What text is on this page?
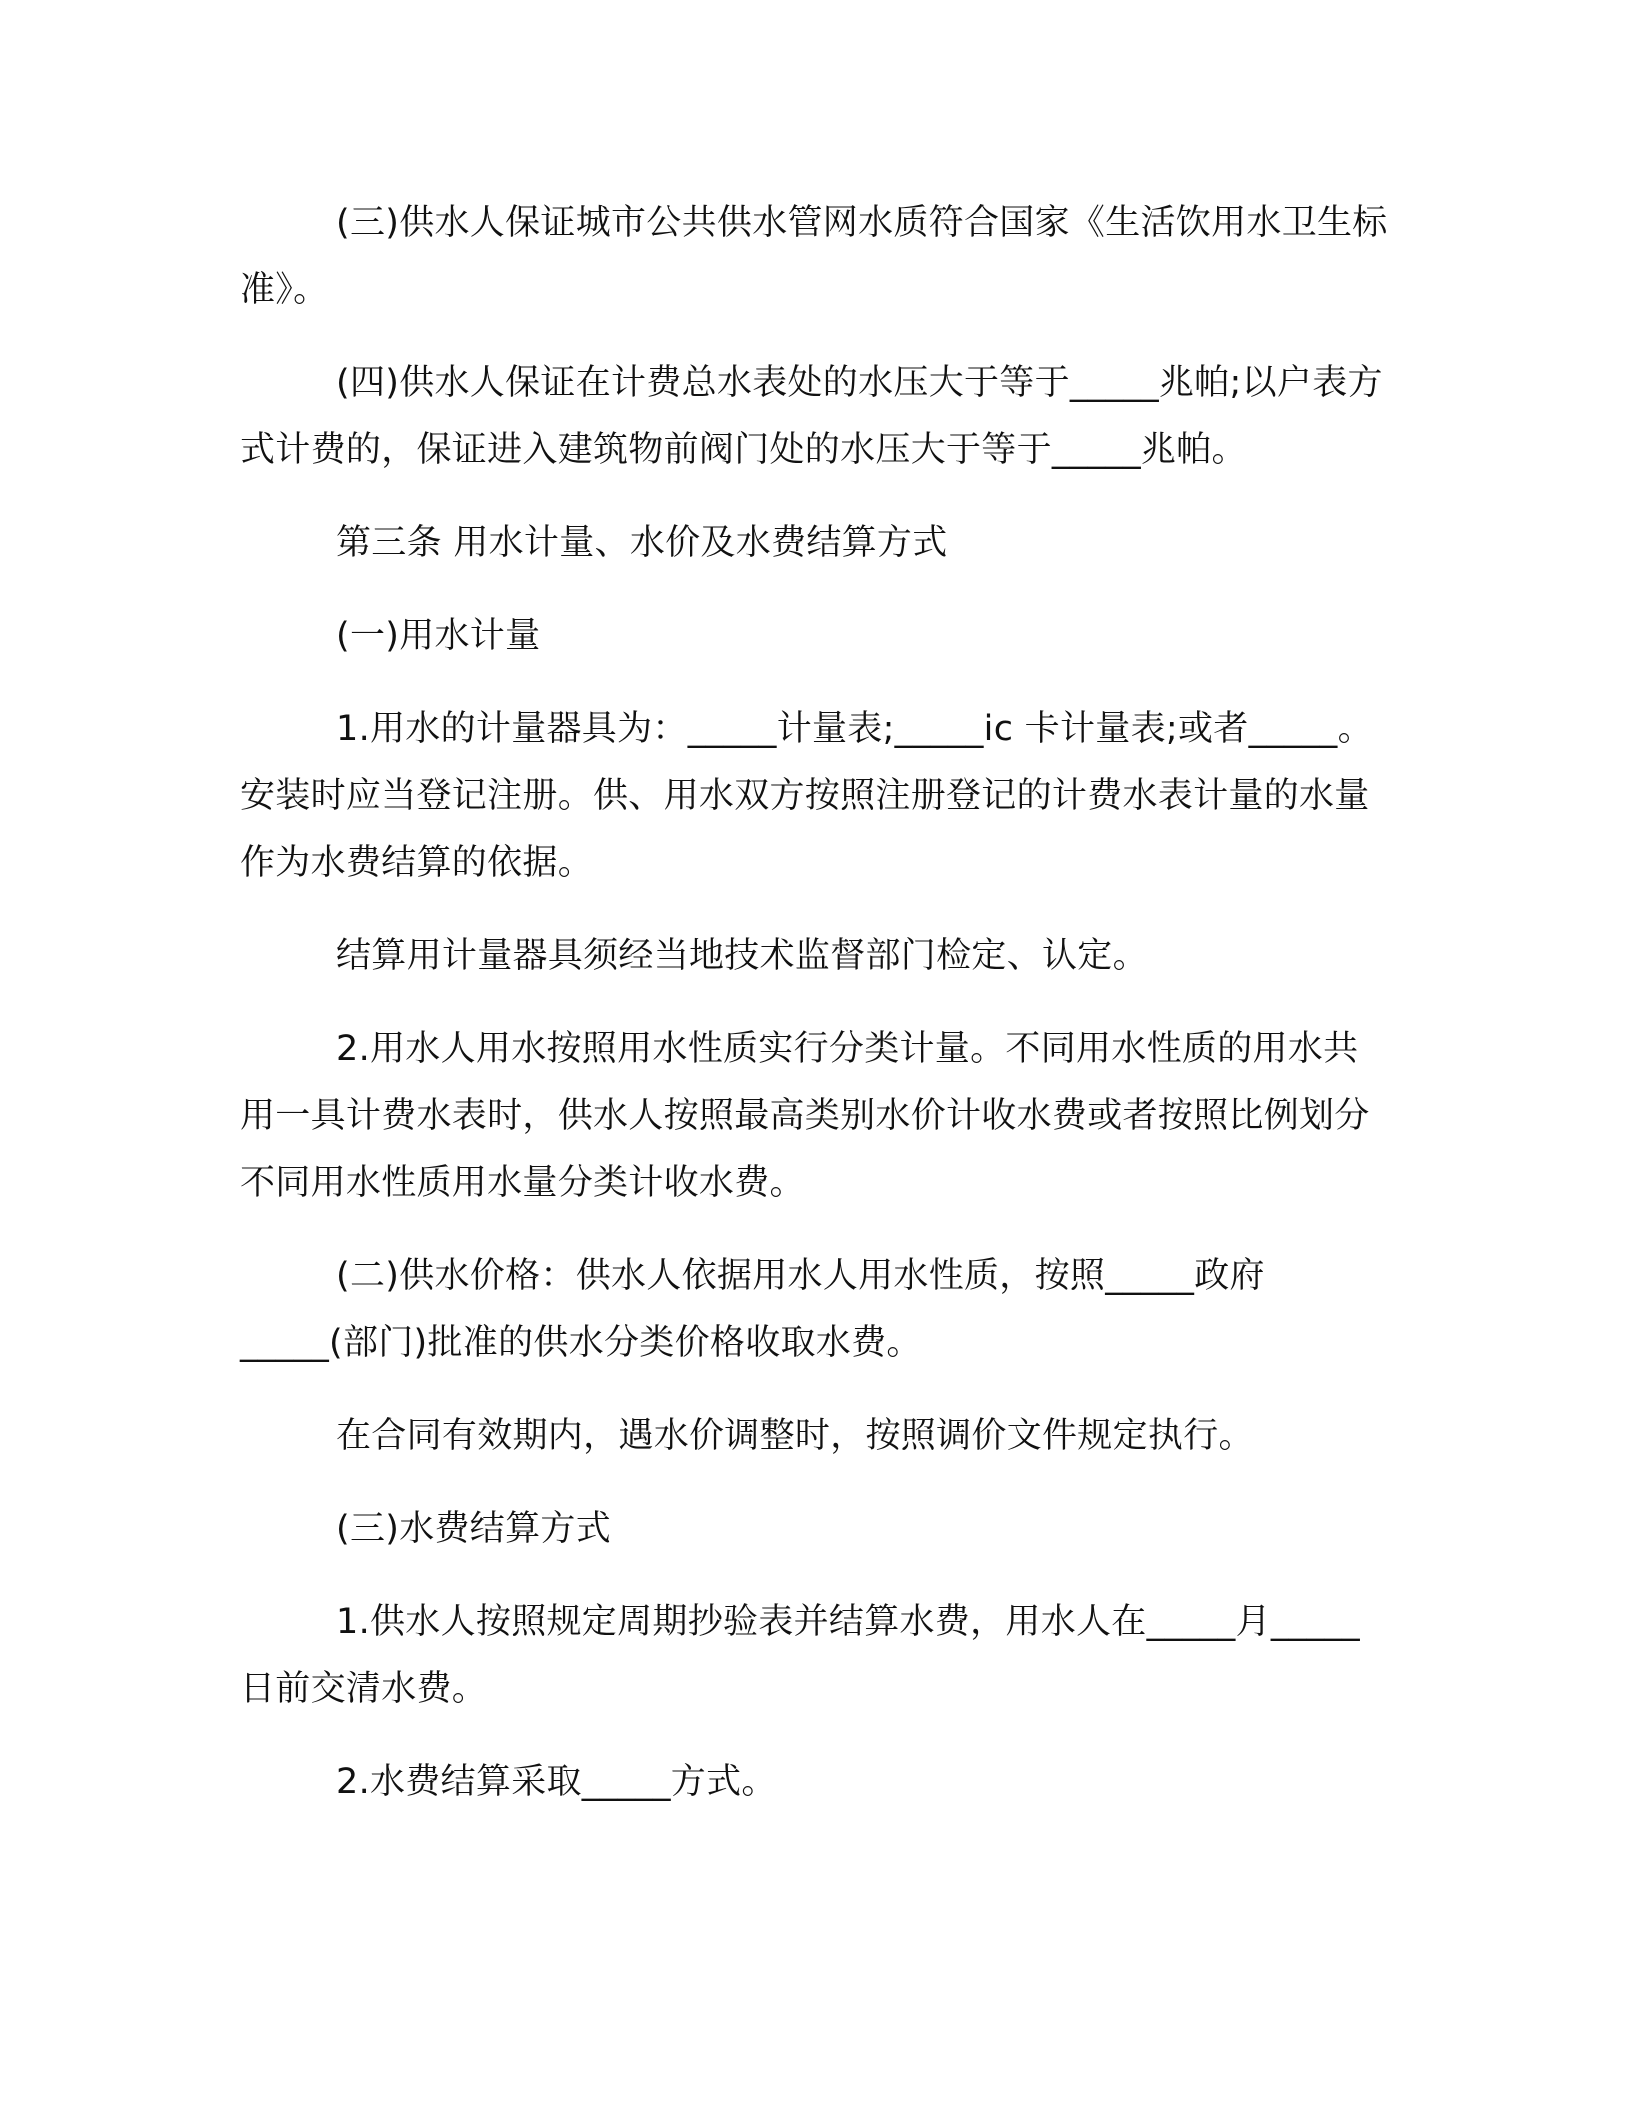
(三)供水人保证城市公共供水管网水质符合国家《生活饮用水卫生标准》。

(四)供水人保证在计费总水表处的水压大于等于_____兆帕;以户表方式计费的，保证进入建筑物前阀门处的水压大于等于_____兆帕。

第三条 用水计量、水价及水费结算方式

(一)用水计量

1.用水的计量器具为：_____计量表;_____ic 卡计量表;或者_____。安装时应当登记注册。供、用水双方按照注册登记的计费水表计量的水量作为水费结算的依据。

结算用计量器具须经当地技术监督部门检定、认定。

2.用水人用水按照用水性质实行分类计量。不同用水性质的用水共用一具计费水表时，供水人按照最高类别水价计收水费或者按照比例划分不同用水性质用水量分类计收水费。

(二)供水价格：供水人依据用水人用水性质，按照_____政府_____(部门)批准的供水分类价格收取水费。

在合同有效期内，遇水价调整时，按照调价文件规定执行。

(三)水费结算方式

1.供水人按照规定周期抄验表并结算水费，用水人在_____月_____日前交清水费。

2.水费结算采取_____方式。
